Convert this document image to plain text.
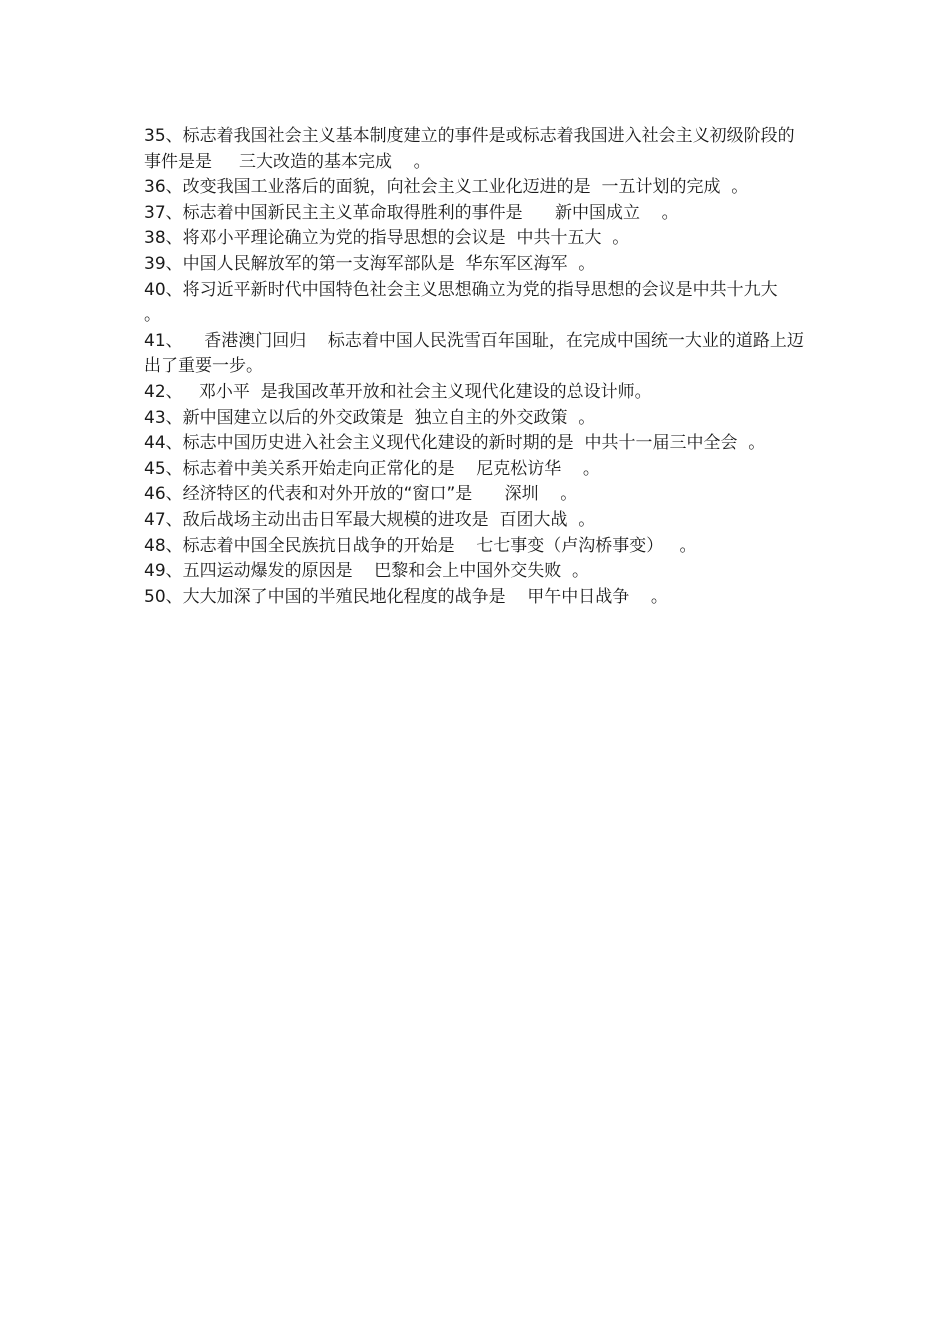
35、标志着我国社会主义基本制度建立的事件是或标志着我国进入社会主义初级阶段的事件是是     三大改造的基本完成    。

36、改变我国工业落后的面貌，向社会主义工业化迈进的是  一五计划的完成  。

37、标志着中国新民主主义革命取得胜利的事件是      新中国成立    。

38、将邓小平理论确立为党的指导思想的会议是  中共十五大  。

39、中国人民解放军的第一支海军部队是  华东军区海军  。

40、将习近平新时代中国特色社会主义思想确立为党的指导思想的会议是中共十九大    。

41、    香港澳门回归    标志着中国人民洗雪百年国耻，在完成中国统一大业的道路上迈出了重要一步。

42、   邓小平  是我国改革开放和社会主义现代化建设的总设计师。

43、新中国建立以后的外交政策是  独立自主的外交政策  。

44、标志中国历史进入社会主义现代化建设的新时期的是  中共十一届三中全会  。

45、标志着中美关系开始走向正常化的是    尼克松访华    。

46、经济特区的代表和对外开放的“窗口”是      深圳    。

47、敌后战场主动出击日军最大规模的进攻是  百团大战  。

48、标志着中国全民族抗日战争的开始是    七七事变（卢沟桥事变）   。

49、五四运动爆发的原因是    巴黎和会上中国外交失败  。

50、大大加深了中国的半殖民地化程度的战争是    甲午中日战争    。
